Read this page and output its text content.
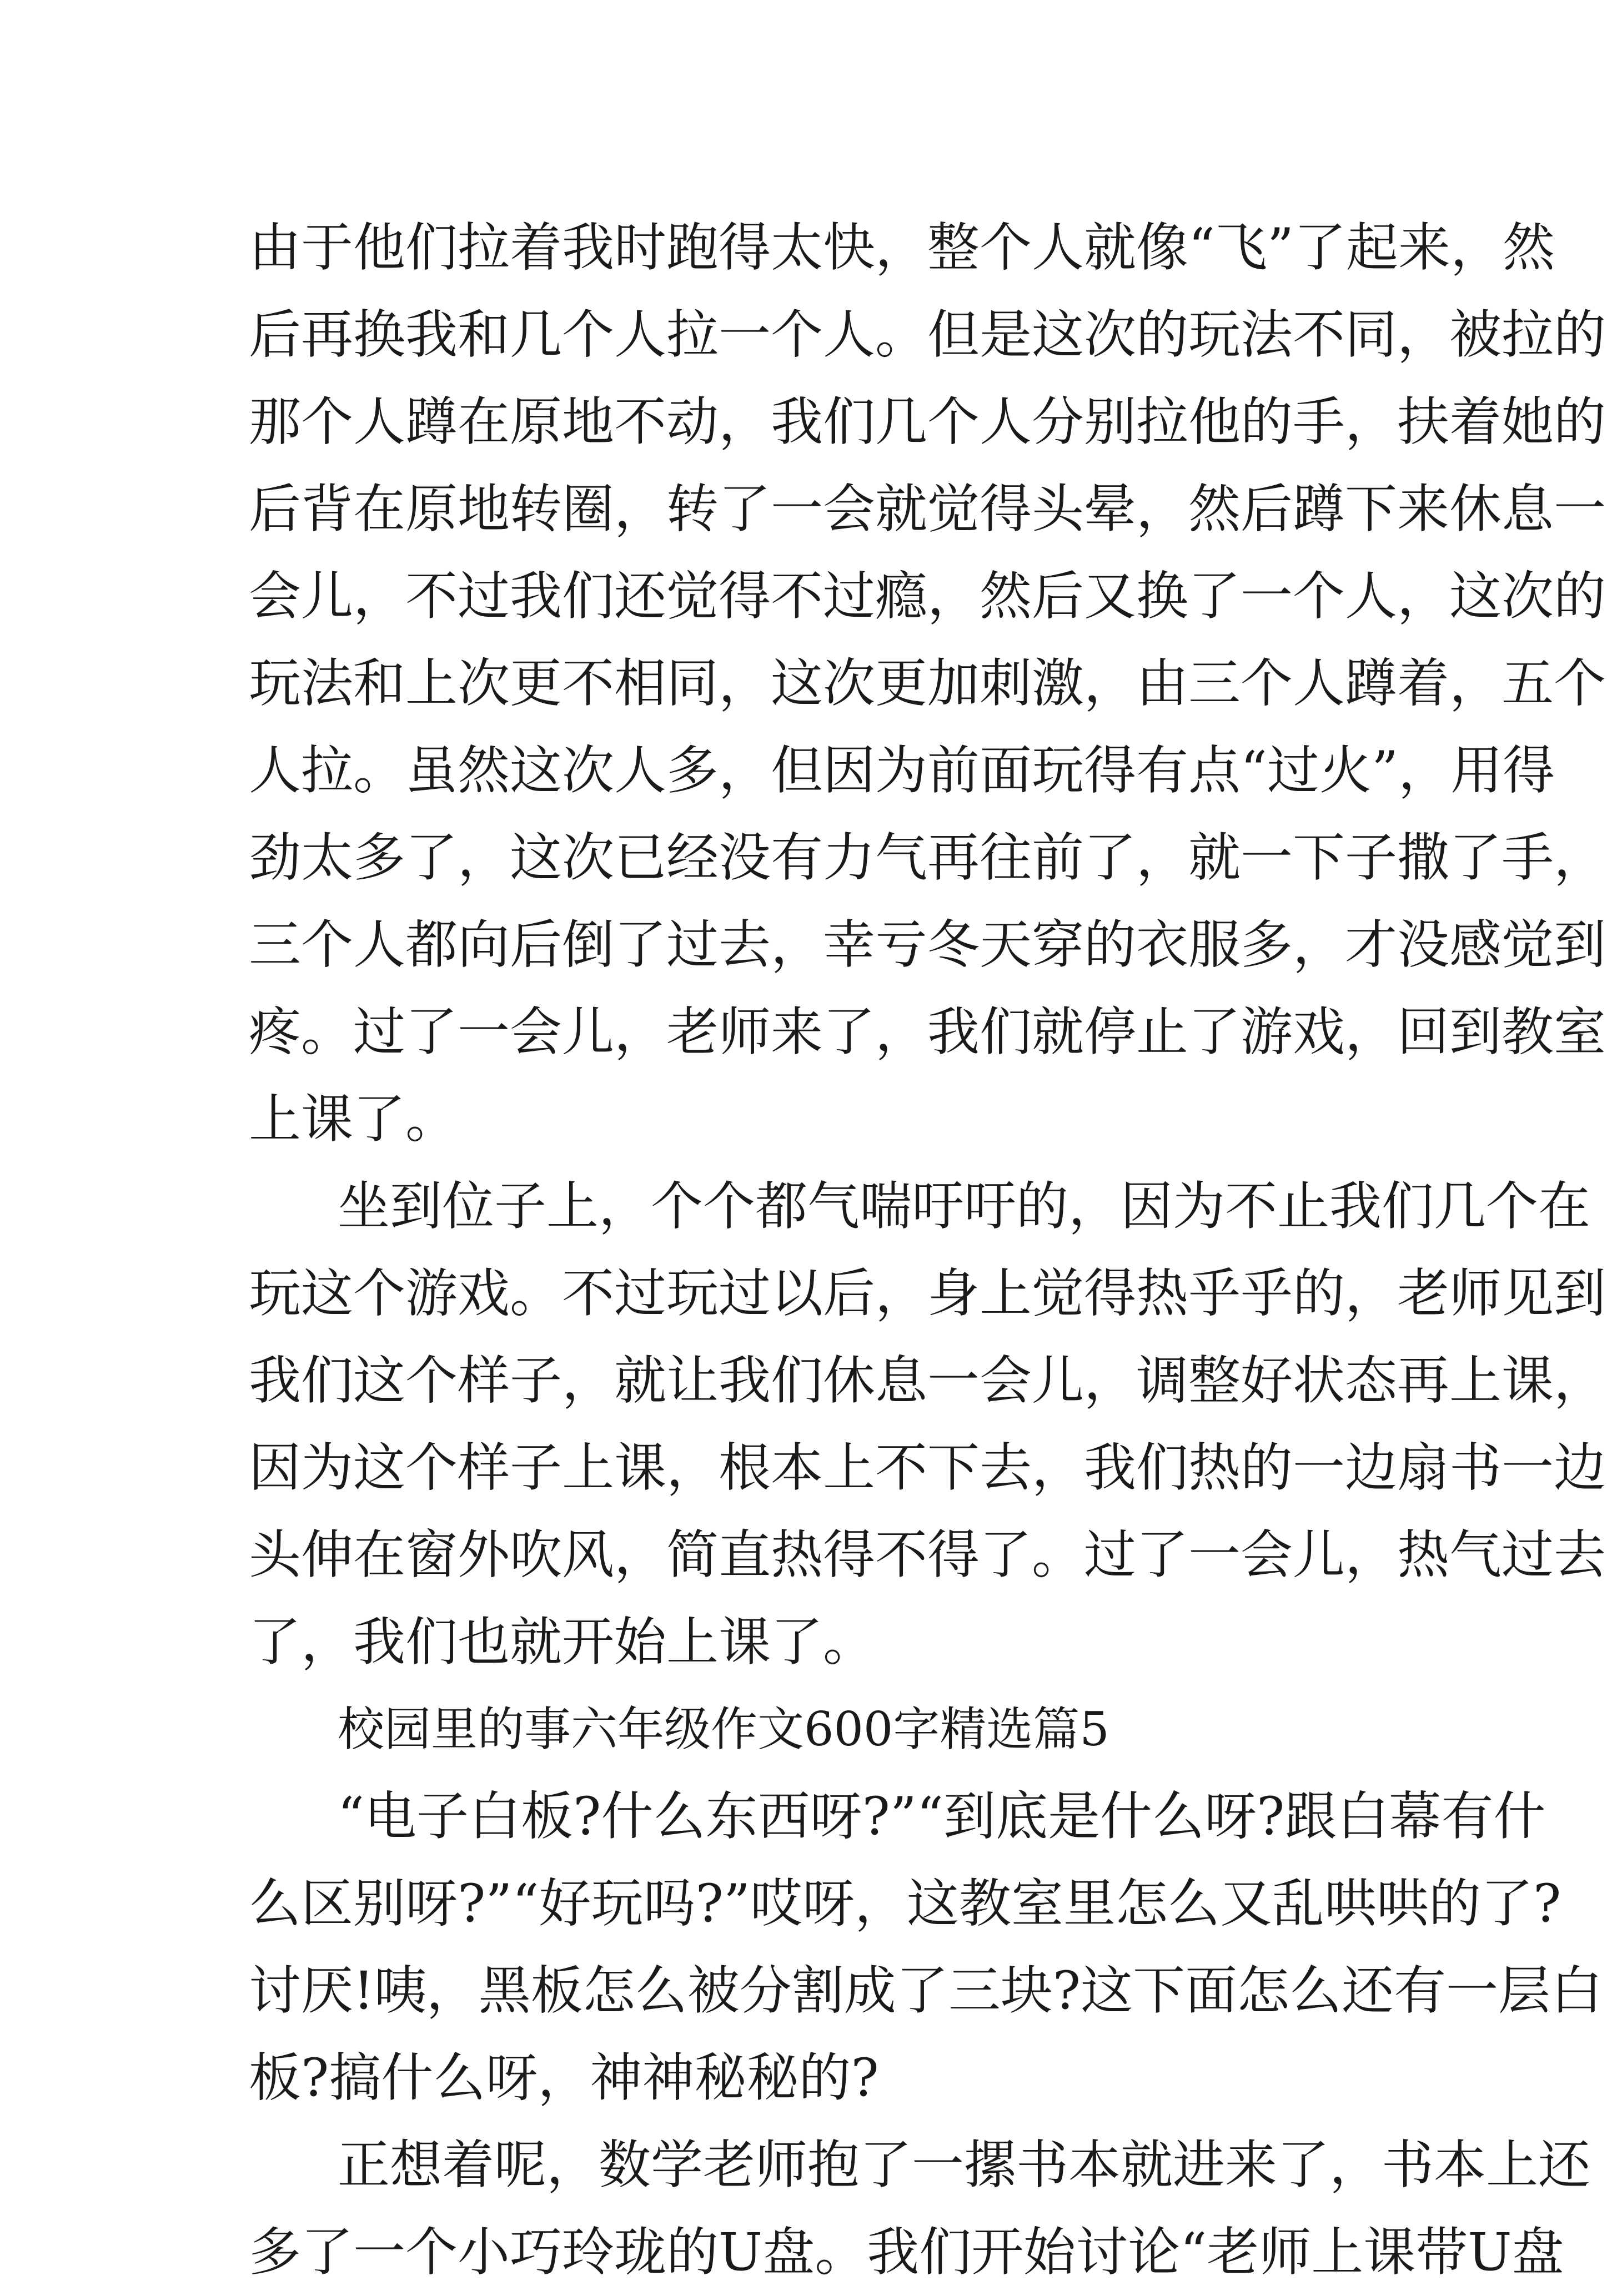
由于他们拉着我时跑得太快，整个人就像“飞”了起来，然
后再换我和几个人拉一个人。但是这次的玩法不同，被拉的
那个人蹲在原地不动，我们几个人分别拉他的手，扶着她的
后背在原地转圈，转了一会就觉得头晕，然后蹲下来休息一
会儿，不过我们还觉得不过瘾，然后又换了一个人，这次的
玩法和上次更不相同，这次更加刺激，由三个人蹲着，五个
人拉。虽然这次人多，但因为前面玩得有点“过火”，用得
劲太多了，这次已经没有力气再往前了，就一下子撒了手，
三个人都向后倒了过去，幸亏冬天穿的衣服多，才没感觉到
疼。过了一会儿，老师来了，我们就停止了游戏，回到教室
上课了。
坐到位子上，个个都气喘吁吁的，因为不止我们几个在
玩这个游戏。不过玩过以后，身上觉得热乎乎的，老师见到
我们这个样子，就让我们休息一会儿，调整好状态再上课，
因为这个样子上课，根本上不下去，我们热的一边扇书一边
头伸在窗外吹风，简直热得不得了。过了一会儿，热气过去
了，我们也就开始上课了。
校园里的事六年级作文600字精选篇5
“电子白板?什么东西呀?”“到底是什么呀?跟白幕有什
么区别呀?”“好玩吗?”哎呀，这教室里怎么又乱哄哄的了?
讨厌!咦，黑板怎么被分割成了三块?这下面怎么还有一层白
板?搞什么呀，神神秘秘的?
正想着呢，数学老师抱了一摞书本就进来了，书本上还
多了一个小巧玲珑的U盘。我们开始讨论“老师上课带U盘
